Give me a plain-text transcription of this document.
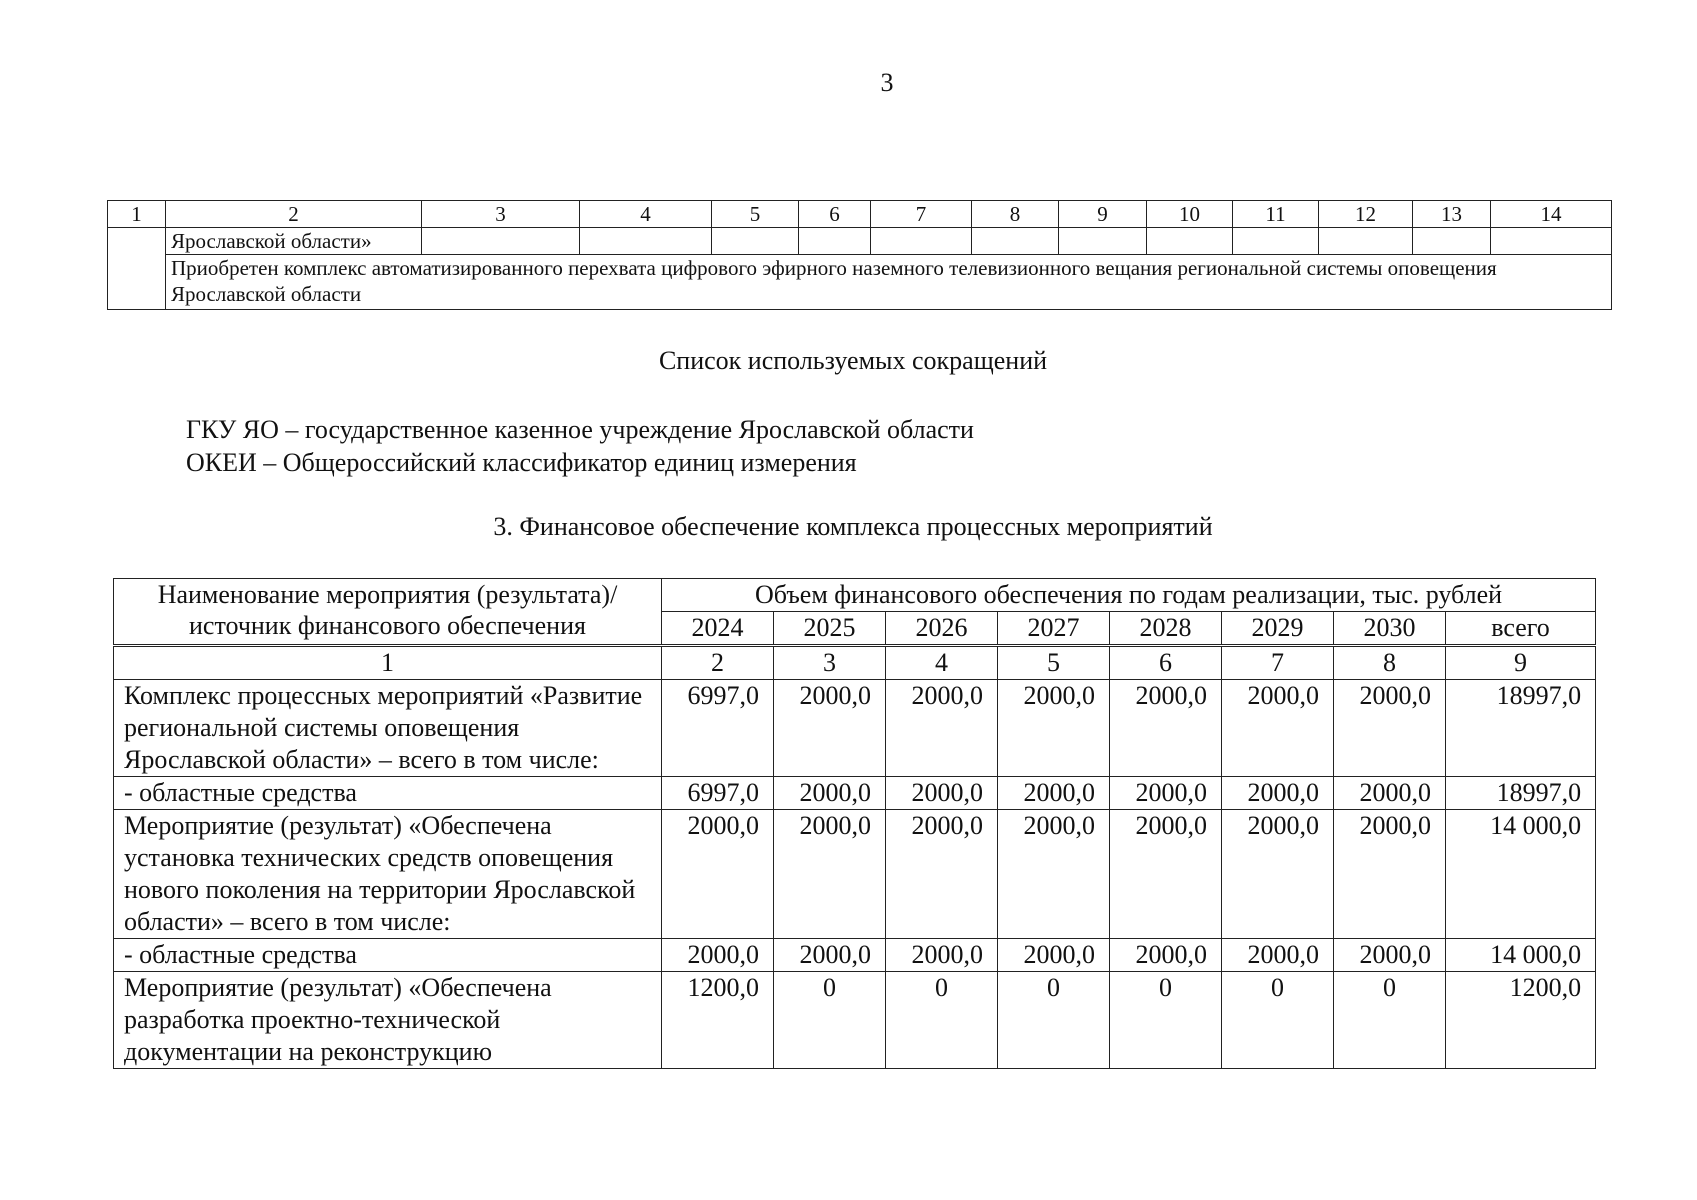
3
1	2	3	4	5	6	7	8	9	10	11	12	13	14
	Ярославской области»												
	Приобретен комплекс автоматизированного перехвата цифрового эфирного наземного телевизионного вещания региональной системы оповещения Ярославской области												
Список используемых сокращений
ГКУ ЯО – государственное казенное учреждение Ярославской области
ОКЕИ – Общероссийский классификатор единиц измерения
3. Финансовое обеспечение комплекса процессных мероприятий
Наименование мероприятия (результата)/ источник финансового обеспечения	Объем финансового обеспечения по годам реализации, тыс. рублей							
	2024	2025	2026	2027	2028	2029	2030	всего
1	2	3	4	5	6	7	8	9
Комплекс процессных мероприятий «Развитие региональной системы оповещения Ярославской области» – всего в том числе:	6997,0	2000,0	2000,0	2000,0	2000,0	2000,0	2000,0	18997,0
- областные средства	6997,0	2000,0	2000,0	2000,0	2000,0	2000,0	2000,0	18997,0
Мероприятие (результат) «Обеспечена установка технических средств оповещения нового поколения на территории Ярославской области» – всего в том числе:	2000,0	2000,0	2000,0	2000,0	2000,0	2000,0	2000,0	14 000,0
- областные средства	2000,0	2000,0	2000,0	2000,0	2000,0	2000,0	2000,0	14 000,0
Мероприятие (результат) «Обеспечена разработка проектно-технической документации на реконструкцию	1200,0	0	0	0	0	0	0	1200,0
